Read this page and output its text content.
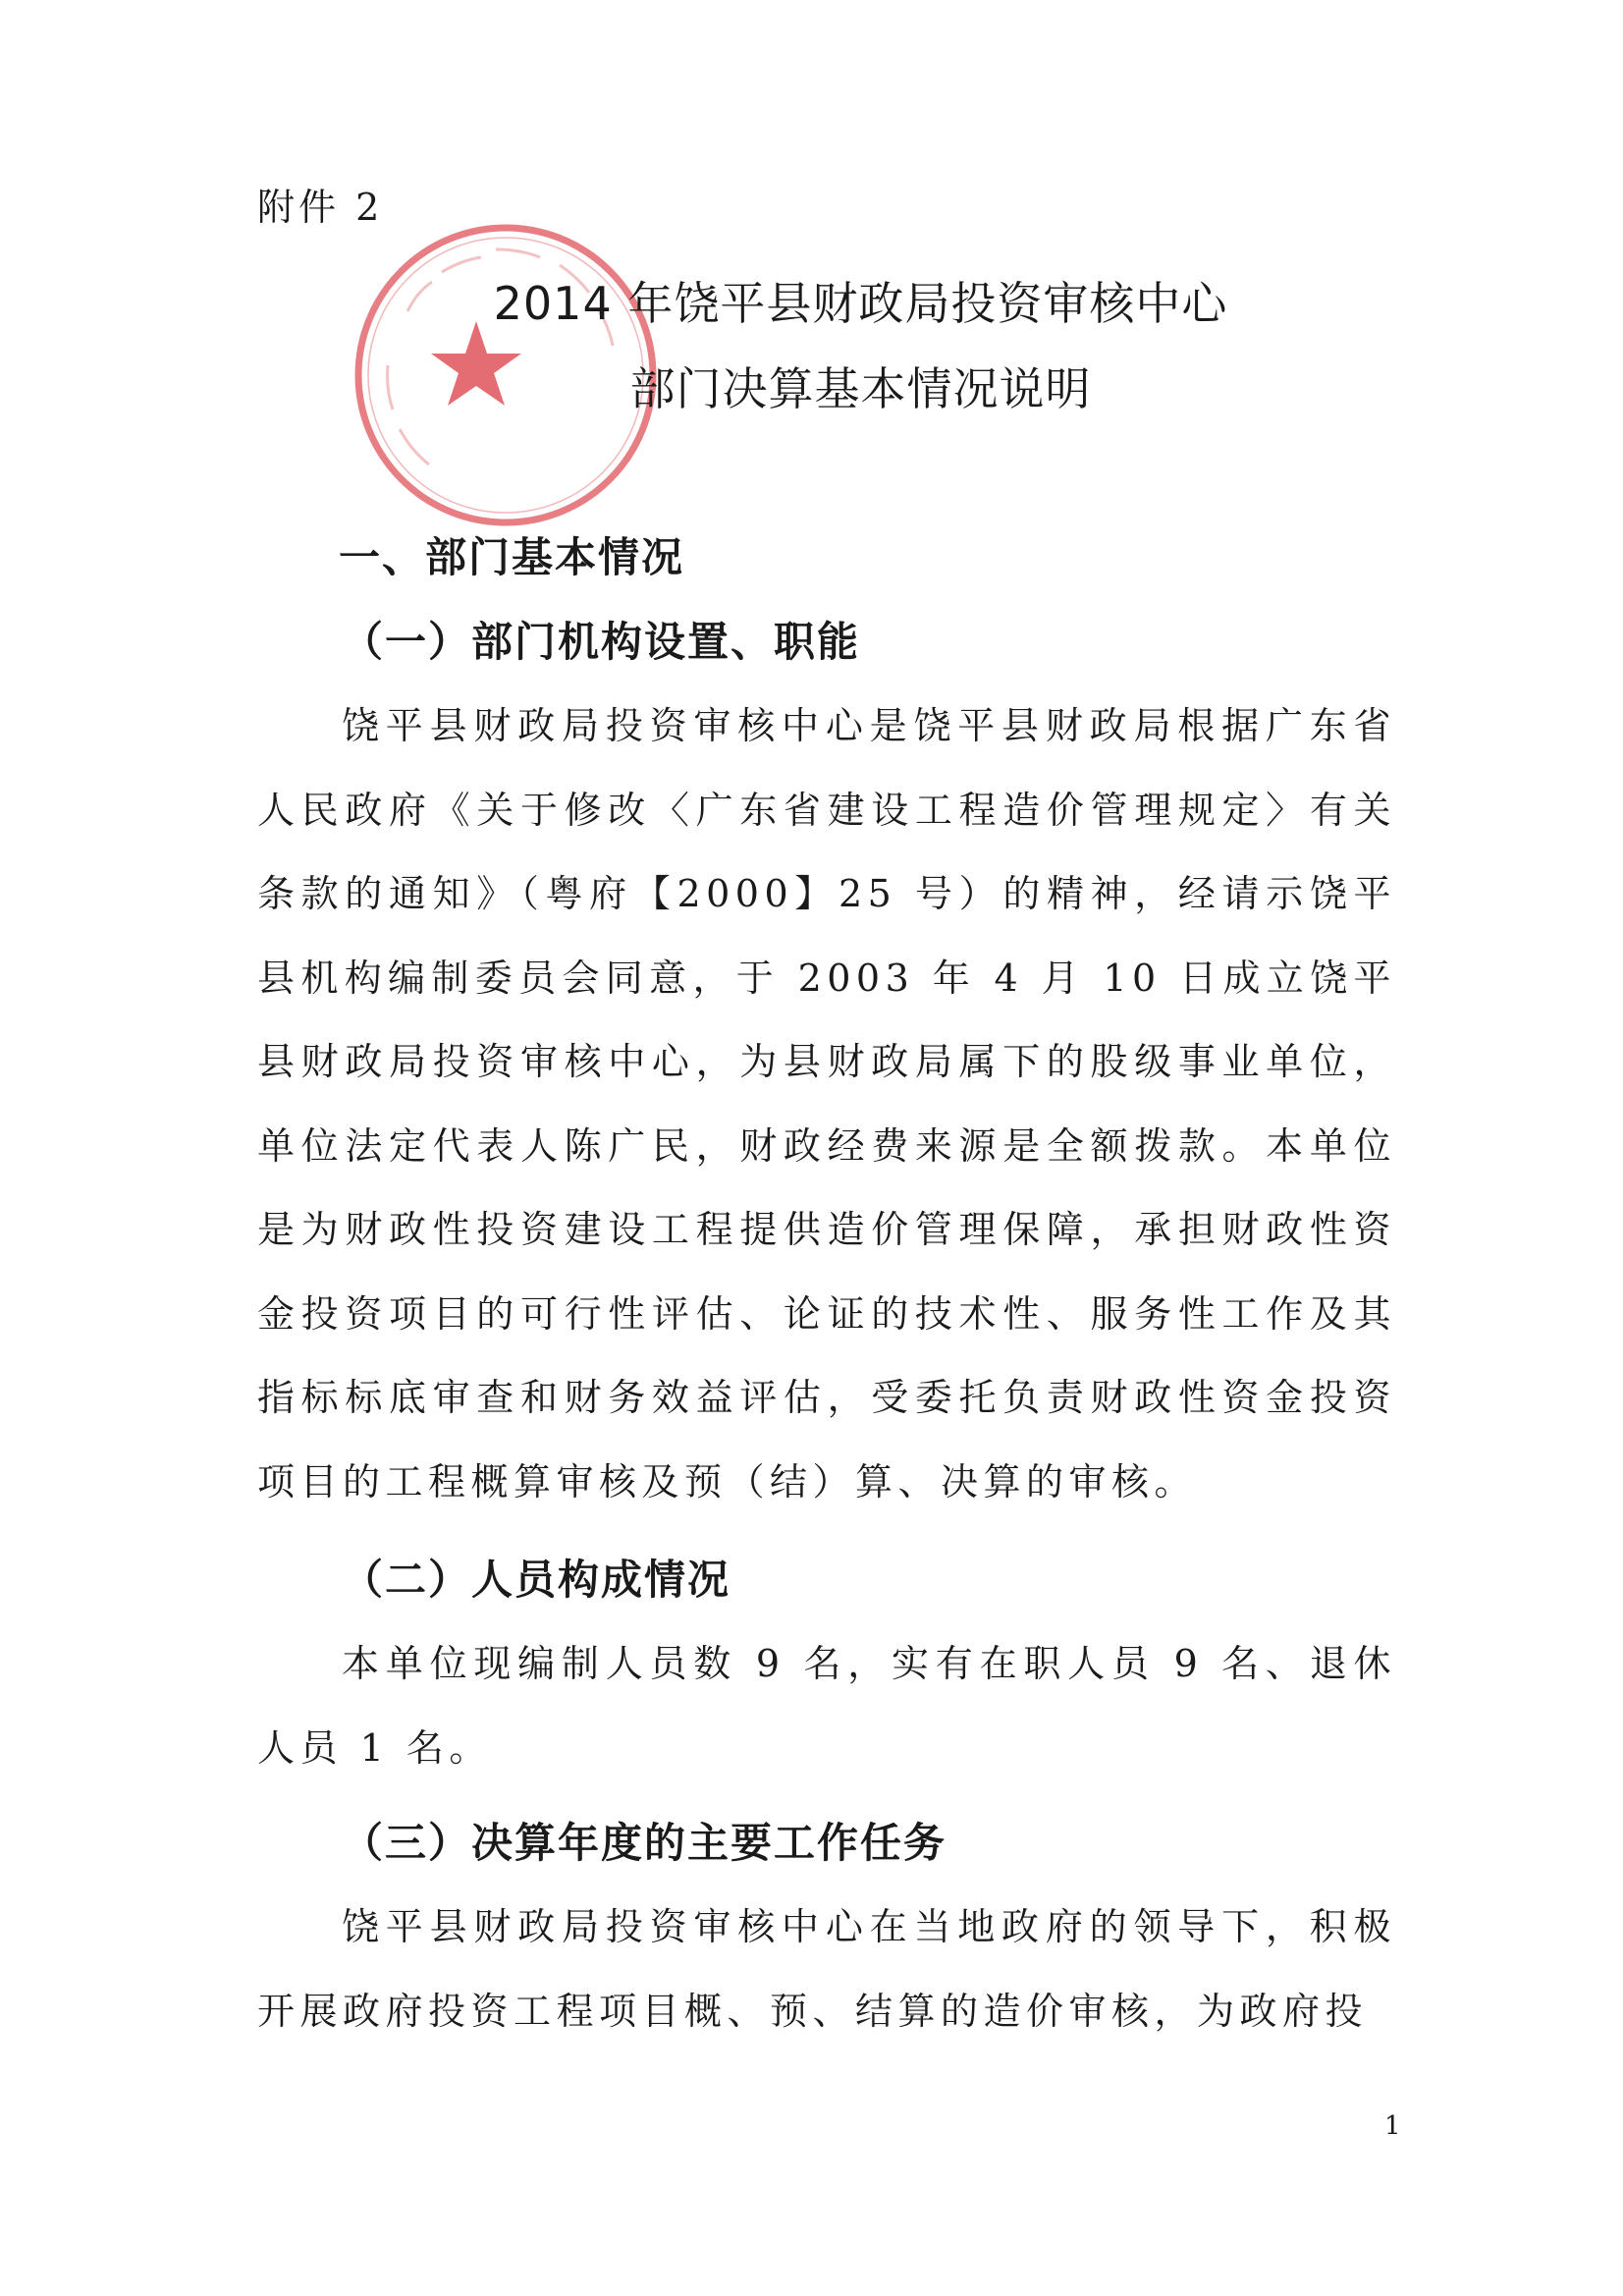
附件 2
2014 年饶平县财政局投资审核中心
部门决算基本情况说明
一、部门基本情况
（一）部门机构设置、职能

饶平县财政局投资审核中心是饶平县财政局根据广东省人民政府《关于修改〈广东省建设工程造价管理规定〉有关条款的通知》（粤府【2000】25 号）的精神，经请示饶平县机构编制委员会同意，于 2003 年 4 月 10 日成立饶平县财政局投资审核中心，为县财政局属下的股级事业单位，单位法定代表人陈广民，财政经费来源是全额拨款。本单位是为财政性投资建设工程提供造价管理保障，承担财政性资金投资项目的可行性评估、论证的技术性、服务性工作及其指标标底审查和财务效益评估，受委托负责财政性资金投资项目的工程概算审核及预（结）算、决算的审核。

（二）人员构成情况

本单位现编制人员数 9 名，实有在职人员 9 名、退休人员 1 名。

（三）决算年度的主要工作任务

饶平县财政局投资审核中心在当地政府的领导下，积极开展政府投资工程项目概、预、结算的造价审核，为政府投

1
